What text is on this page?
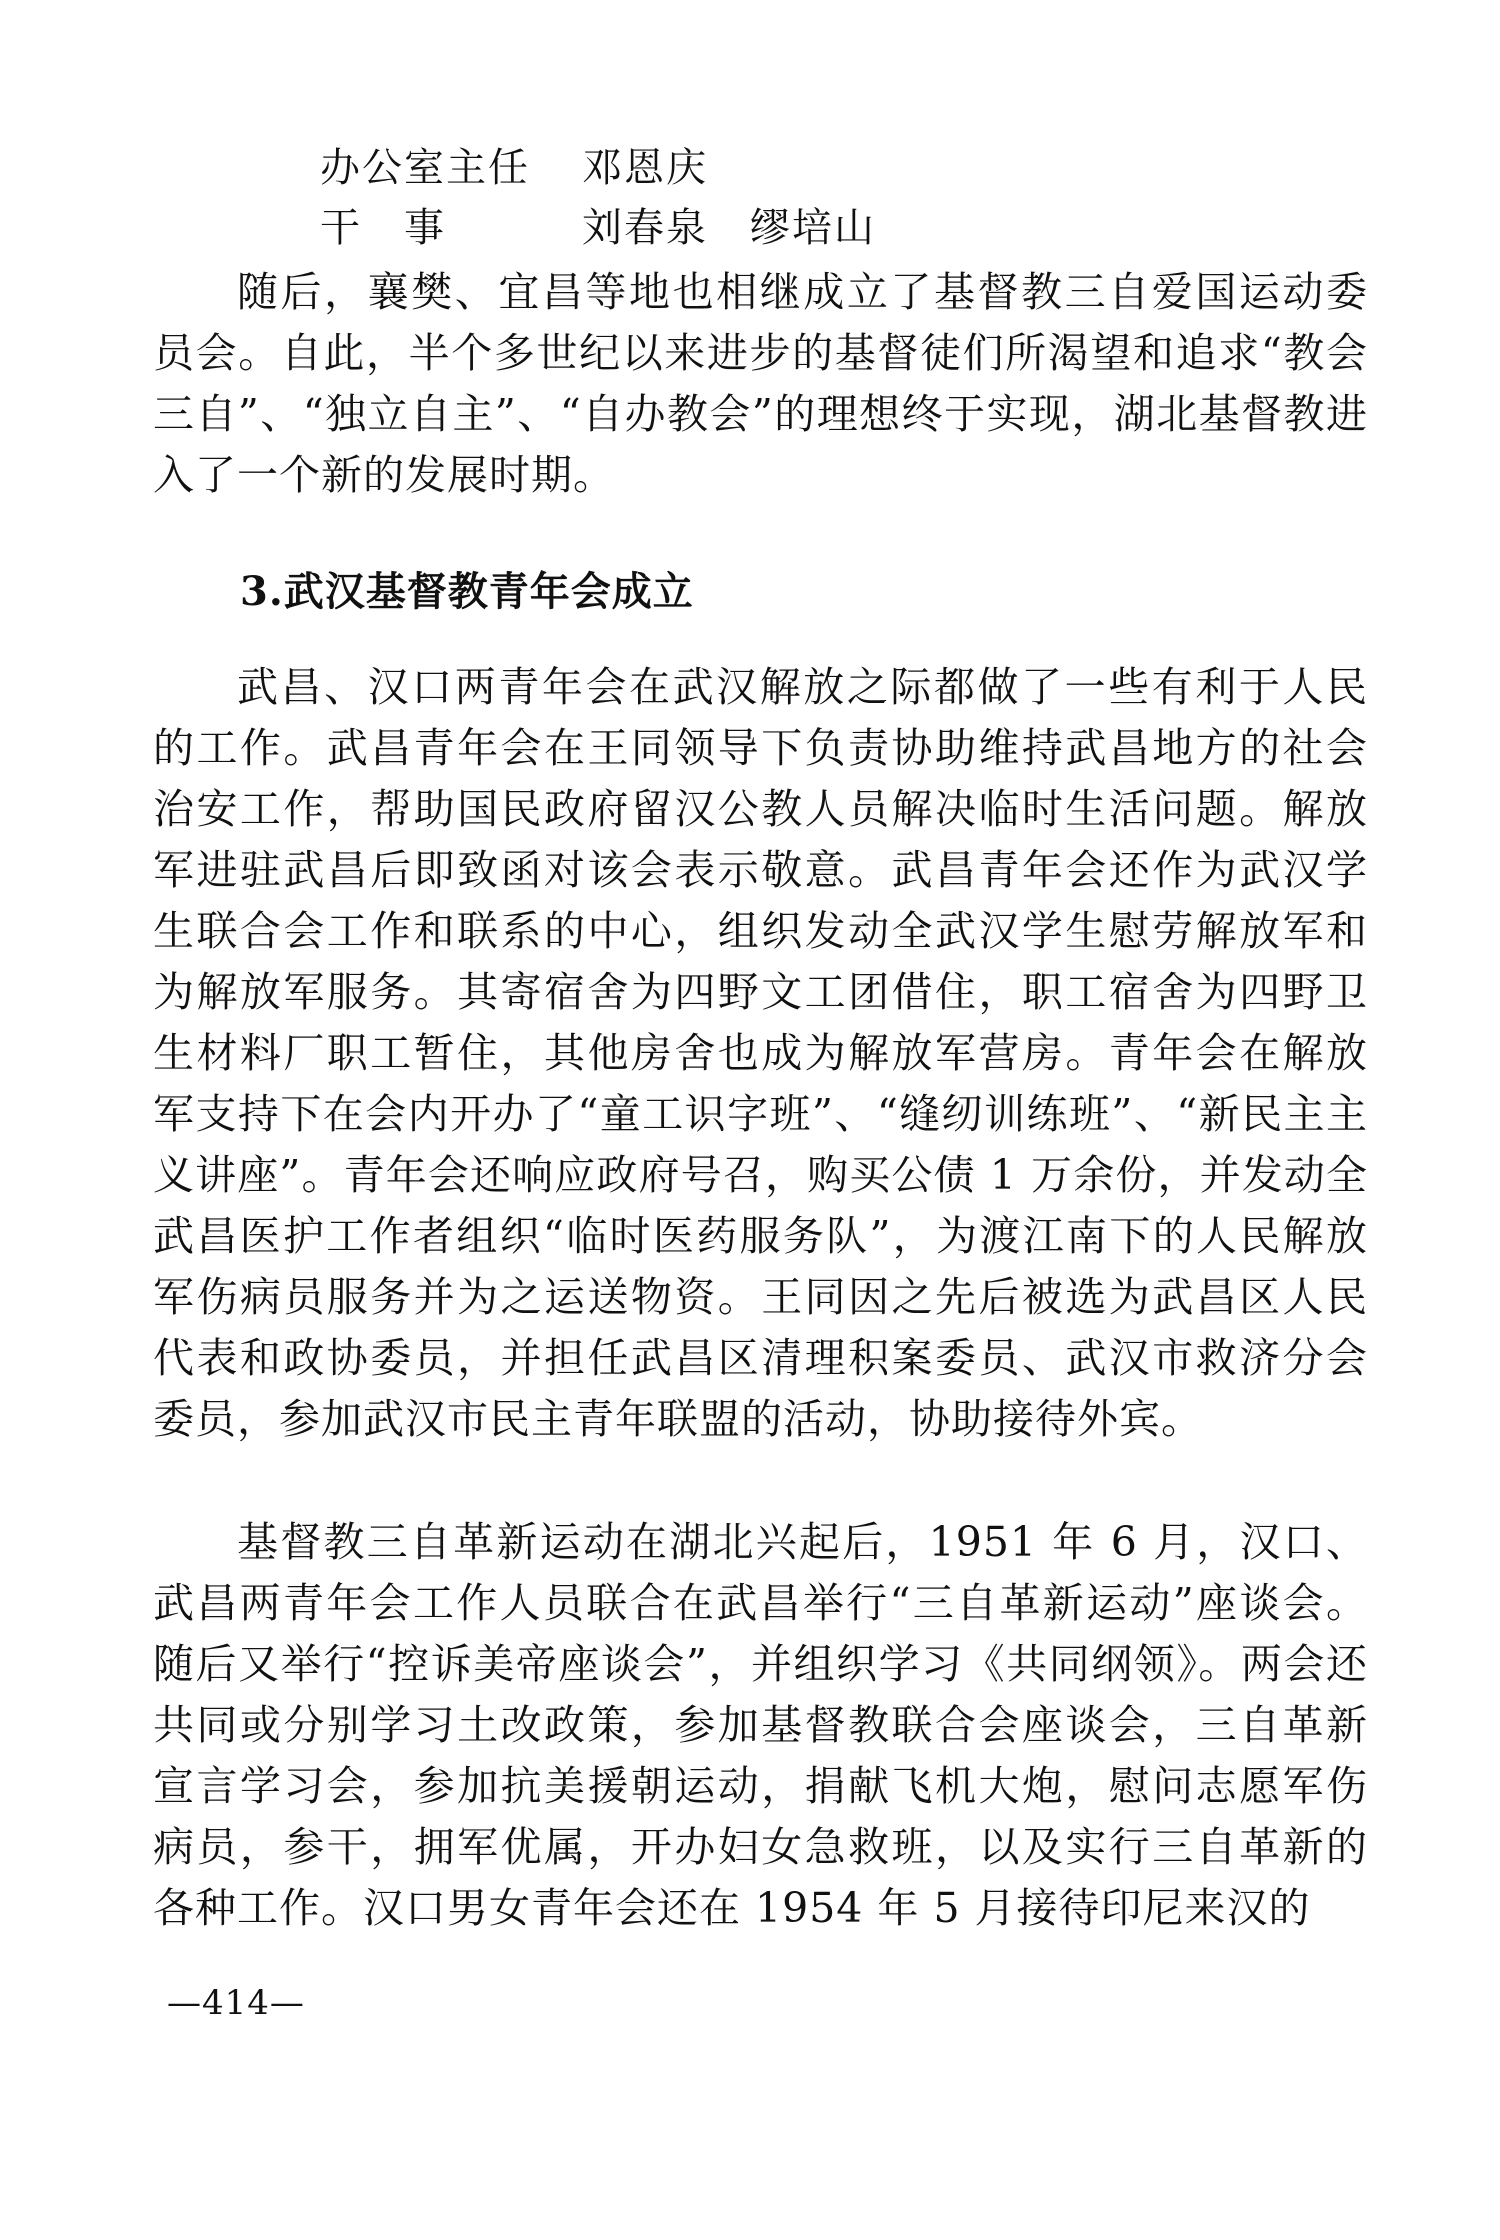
办公室主任 邓恩庆
干　事	刘春泉　缪培山

随后，襄樊、宜昌等地也相继成立了基督教三自爱国运动委员会。自此，半个多世纪以来进步的基督徒们所渴望和追求“教会三自”、“独立自主”、“自办教会”的理想终于实现，湖北基督教进入了一个新的发展时期。

3.武汉基督教青年会成立

武昌、汉口两青年会在武汉解放之际都做了一些有利于人民的工作。武昌青年会在王同领导下负责协助维持武昌地方的社会治安工作，帮助国民政府留汉公教人员解决临时生活问题。解放军进驻武昌后即致函对该会表示敬意。武昌青年会还作为武汉学生联合会工作和联系的中心，组织发动全武汉学生慰劳解放军和为解放军服务。其寄宿舍为四野文工团借住，职工宿舍为四野卫生材料厂职工暂住，其他房舍也成为解放军营房。青年会在解放军支持下在会内开办了“童工识字班”、“缝纫训练班”、“新民主主义讲座”。青年会还响应政府号召，购买公债 1 万余份，并发动全武昌医护工作者组织“临时医药服务队”，为渡江南下的人民解放军伤病员服务并为之运送物资。王同因之先后被选为武昌区人民代表和政协委员，并担任武昌区清理积案委员、武汉市救济分会委员，参加武汉市民主青年联盟的活动，协助接待外宾。

基督教三自革新运动在湖北兴起后，1951 年 6 月，汉口、武昌两青年会工作人员联合在武昌举行“三自革新运动”座谈会。随后又举行“控诉美帝座谈会”，并组织学习《共同纲领》。两会还共同或分别学习土改政策，参加基督教联合会座谈会，三自革新宣言学习会，参加抗美援朝运动，捐献飞机大炮，慰问志愿军伤病员，参干，拥军优属，开办妇女急救班，以及实行三自革新的各种工作。汉口男女青年会还在 1954 年 5 月接待印尼来汉的

—414—
